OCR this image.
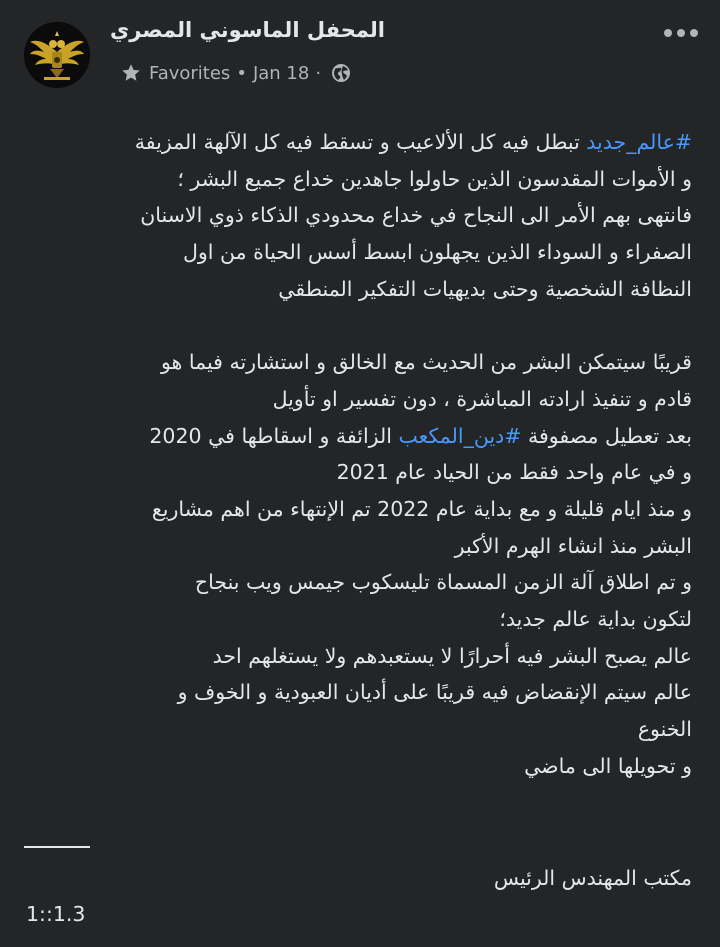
المحفل الماسوني المصري
Favorites • Jan 18 ·
#عالم_جديد تبطل فيه كل الألاعيب و تسقط فيه كل الآلهة المزيفة
و الأموات المقدسون الذين حاولوا جاهدين خداع جميع البشر ؛
فانتهى بهم الأمر الى النجاح في خداع محدودي الذكاء ذوي الاسنان
الصفراء و السوداء الذين يجهلون ابسط أسس الحياة من اول
النظافة الشخصية وحتى بديهيات التفكير المنطقي
قريبًا سيتمكن البشر من الحديث مع الخالق و استشارته فيما هو
قادم و تنفيذ ارادته المباشرة ، دون تفسير او تأويل
بعد تعطيل مصفوفة #دين_المكعب الزائفة و اسقاطها في 2020
و في عام واحد فقط من الحياد عام 2021
و منذ ايام قليلة و مع بداية عام 2022 تم الإنتهاء من اهم مشاريع
البشر منذ انشاء الهرم الأكبر
و تم اطلاق آلة الزمن المسماة تليسكوب جيمس ويب بنجاح
لتكون بداية عالم جديد؛
عالم يصبح البشر فيه أحرارًا لا يستعبدهم ولا يستغلهم احد
عالم سيتم الإنقضاض فيه قريبًا على أديان العبودية و الخوف و
الخنوع
و تحويلها الى ماضي
مكتب المهندس الرئيس
1::1.3
